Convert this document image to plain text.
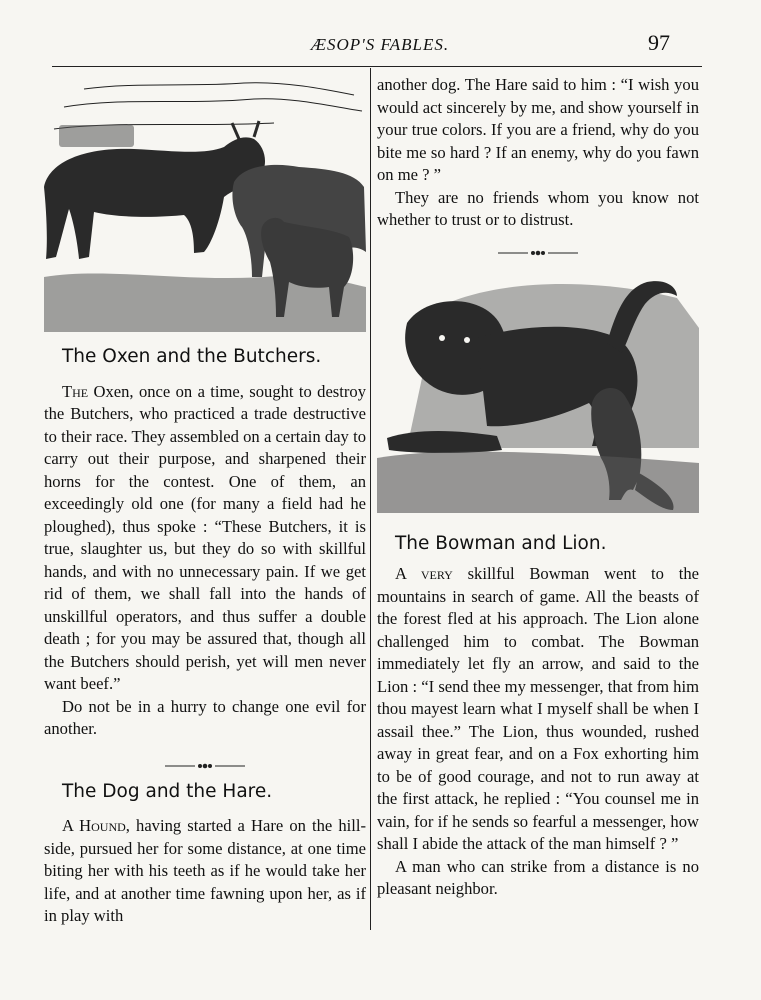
ÆSOP'S FABLES.	97

The Oxen and the Butchers.

The Oxen, once on a time, sought to destroy the Butchers, who practiced a trade destructive to their race. They assembled on a certain day to carry out their purpose, and sharpened their horns for the contest. One of them, an exceedingly old one (for many a field had he ploughed), thus spoke : “These Butchers, it is true, slaughter us, but they do so with skillful hands, and with no unnecessary pain. If we get rid of them, we shall fall into the hands of unskillful operators, and thus suffer a double death ; for you may be assured that, though all the Butchers should perish, yet will men never want beef.”

Do not be in a hurry to change one evil for another.

The Dog and the Hare.

A Hound, having started a Hare on the hill-side, pursued her for some distance, at one time biting her with his teeth as if he would take her life, and at another time fawning upon her, as if in play with

another dog. The Hare said to him : “I wish you would act sincerely by me, and show yourself in your true colors. If you are a friend, why do you bite me so hard ? If an enemy, why do you fawn on me ? ”

They are no friends whom you know not whether to trust or to distrust.

The Bowman and Lion.

A very skillful Bowman went to the mountains in search of game. All the beasts of the forest fled at his approach. The Lion alone challenged him to combat. The Bowman immediately let fly an arrow, and said to the Lion : “I send thee my messenger, that from him thou mayest learn what I myself shall be when I assail thee.” The Lion, thus wounded, rushed away in great fear, and on a Fox exhorting him to be of good courage, and not to run away at the first attack, he replied : “You counsel me in vain, for if he sends so fearful a messenger, how shall I abide the attack of the man himself ? ”

A man who can strike from a distance is no pleasant neighbor.
